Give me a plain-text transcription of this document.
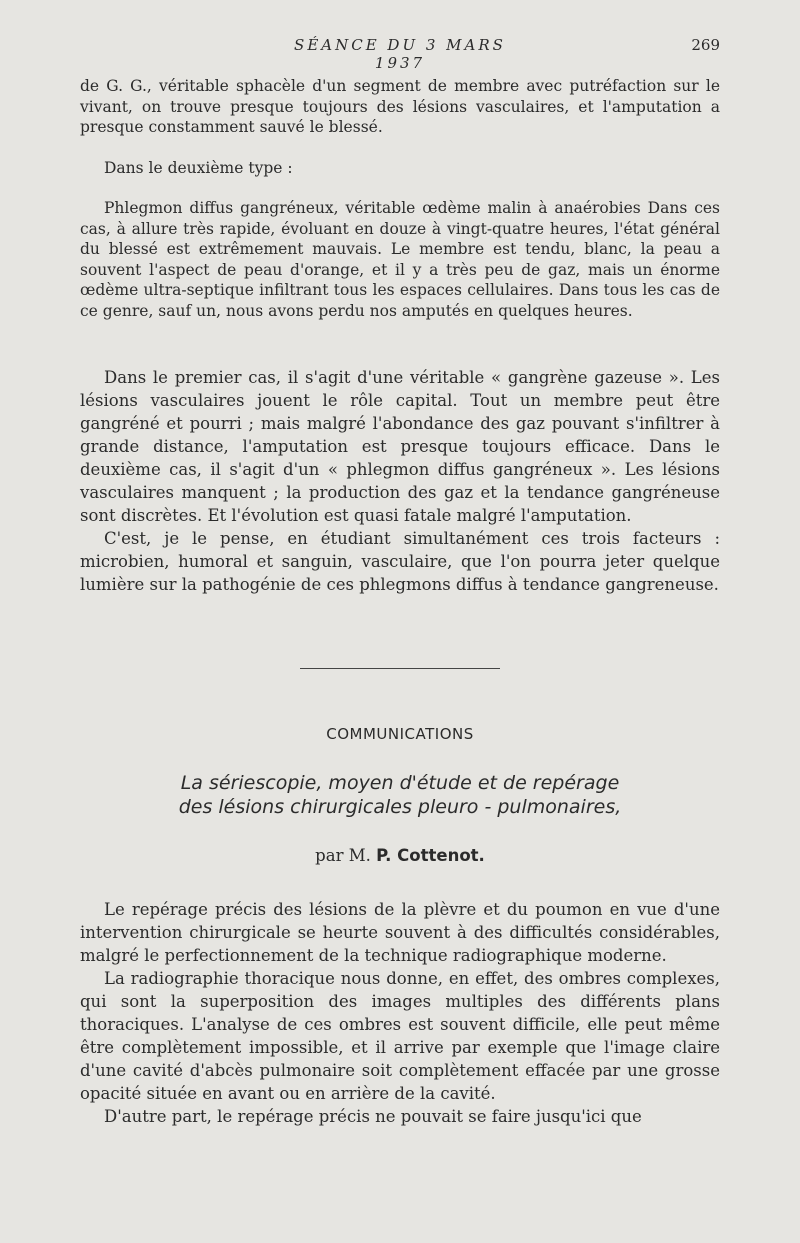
SÉANCE DU 3 MARS 1937
269

de G. G., véritable sphacèle d'un segment de membre avec putréfaction sur le vivant, on trouve presque toujours des lésions vasculaires, et l'amputation a presque constamment sauvé le blessé.

Dans le deuxième type :

Phlegmon diffus gangréneux, véritable œdème malin à anaérobies Dans ces cas, à allure très rapide, évoluant en douze à vingt-quatre heures, l'état général du blessé est extrêmement mauvais. Le membre est tendu, blanc, la peau a souvent l'aspect de peau d'orange, et il y a très peu de gaz, mais un énorme œdème ultra-septique infiltrant tous les espaces cellulaires. Dans tous les cas de ce genre, sauf un, nous avons perdu nos amputés en quelques heures.

Dans le premier cas, il s'agit d'une véritable « gangrène gazeuse ». Les lésions vasculaires jouent le rôle capital. Tout un membre peut être gangréné et pourri ; mais malgré l'abondance des gaz pouvant s'infiltrer à grande distance, l'amputation est presque toujours efficace. Dans le deuxième cas, il s'agit d'un « phlegmon diffus gangréneux ». Les lésions vasculaires manquent ; la production des gaz et la tendance gangréneuse sont discrètes. Et l'évolution est quasi fatale malgré l'amputation.

C'est, je le pense, en étudiant simultanément ces trois facteurs : microbien, humoral et sanguin, vasculaire, que l'on pourra jeter quelque lumière sur la pathogénie de ces phlegmons diffus à tendance gangreneuse.

COMMUNICATIONS
La sériescopie, moyen d'étude et de repérage
des lésions chirurgicales pleuro - pulmonaires,
par M. P. Cottenot.

Le repérage précis des lésions de la plèvre et du poumon en vue d'une intervention chirurgicale se heurte souvent à des difficultés considérables, malgré le perfectionnement de la technique radiographique moderne.

La radiographie thoracique nous donne, en effet, des ombres complexes, qui sont la superposition des images multiples des différents plans thoraciques. L'analyse de ces ombres est souvent difficile, elle peut même être complètement impossible, et il arrive par exemple que l'image claire d'une cavité d'abcès pulmonaire soit complètement effacée par une grosse opacité située en avant ou en arrière de la cavité.

D'autre part, le repérage précis ne pouvait se faire jusqu'ici que
